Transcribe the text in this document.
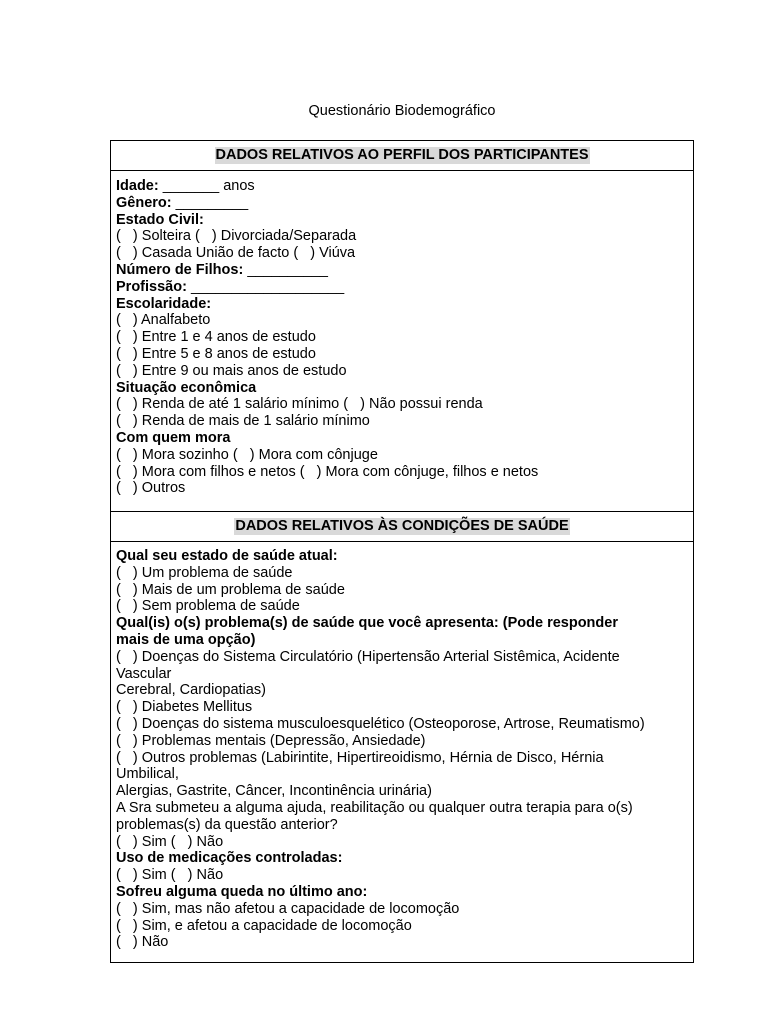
Questionário Biodemográfico
DADOS RELATIVOS AO PERFIL DOS PARTICIPANTES
Idade: _______ anos
Gênero: _________
Estado Civil:
(   ) Solteira (   ) Divorciada/Separada
(   ) Casada União de facto (   ) Viúva
Número de Filhos: __________
Profissão: ___________________
Escolaridade:
(   ) Analfabeto
(   ) Entre 1 e 4 anos de estudo
(   ) Entre 5 e 8 anos de estudo
(   ) Entre 9 ou mais anos de estudo
Situação econômica
(   ) Renda de até 1 salário mínimo (   ) Não possui renda
(   ) Renda de mais de 1 salário mínimo
Com quem mora
(   ) Mora sozinho (   ) Mora com cônjuge
(   ) Mora com filhos e netos (   ) Mora com cônjuge, filhos e netos
(   ) Outros
DADOS RELATIVOS ÀS CONDIÇÕES DE SAÚDE
Qual seu estado de saúde atual:
(   ) Um problema de saúde
(   ) Mais de um problema de saúde
(   ) Sem problema de saúde
Qual(is) o(s) problema(s) de saúde que você apresenta: (Pode responder
mais de uma opção)
(   ) Doenças do Sistema Circulatório (Hipertensão Arterial Sistêmica, Acidente
Vascular
Cerebral, Cardiopatias)
(   ) Diabetes Mellitus
(   ) Doenças do sistema musculoesquelético (Osteoporose, Artrose, Reumatismo)
(   ) Problemas mentais (Depressão, Ansiedade)
(   ) Outros problemas (Labirintite, Hipertireoidismo, Hérnia de Disco, Hérnia
Umbilical,
Alergias, Gastrite, Câncer, Incontinência urinária)
A Sra submeteu a alguma ajuda, reabilitação ou qualquer outra terapia para o(s)
problemas(s) da questão anterior?
(   ) Sim (   ) Não
Uso de medicações controladas:
(   ) Sim (   ) Não
Sofreu alguma queda no último ano:
(   ) Sim, mas não afetou a capacidade de locomoção
(   ) Sim, e afetou a capacidade de locomoção
(   ) Não
